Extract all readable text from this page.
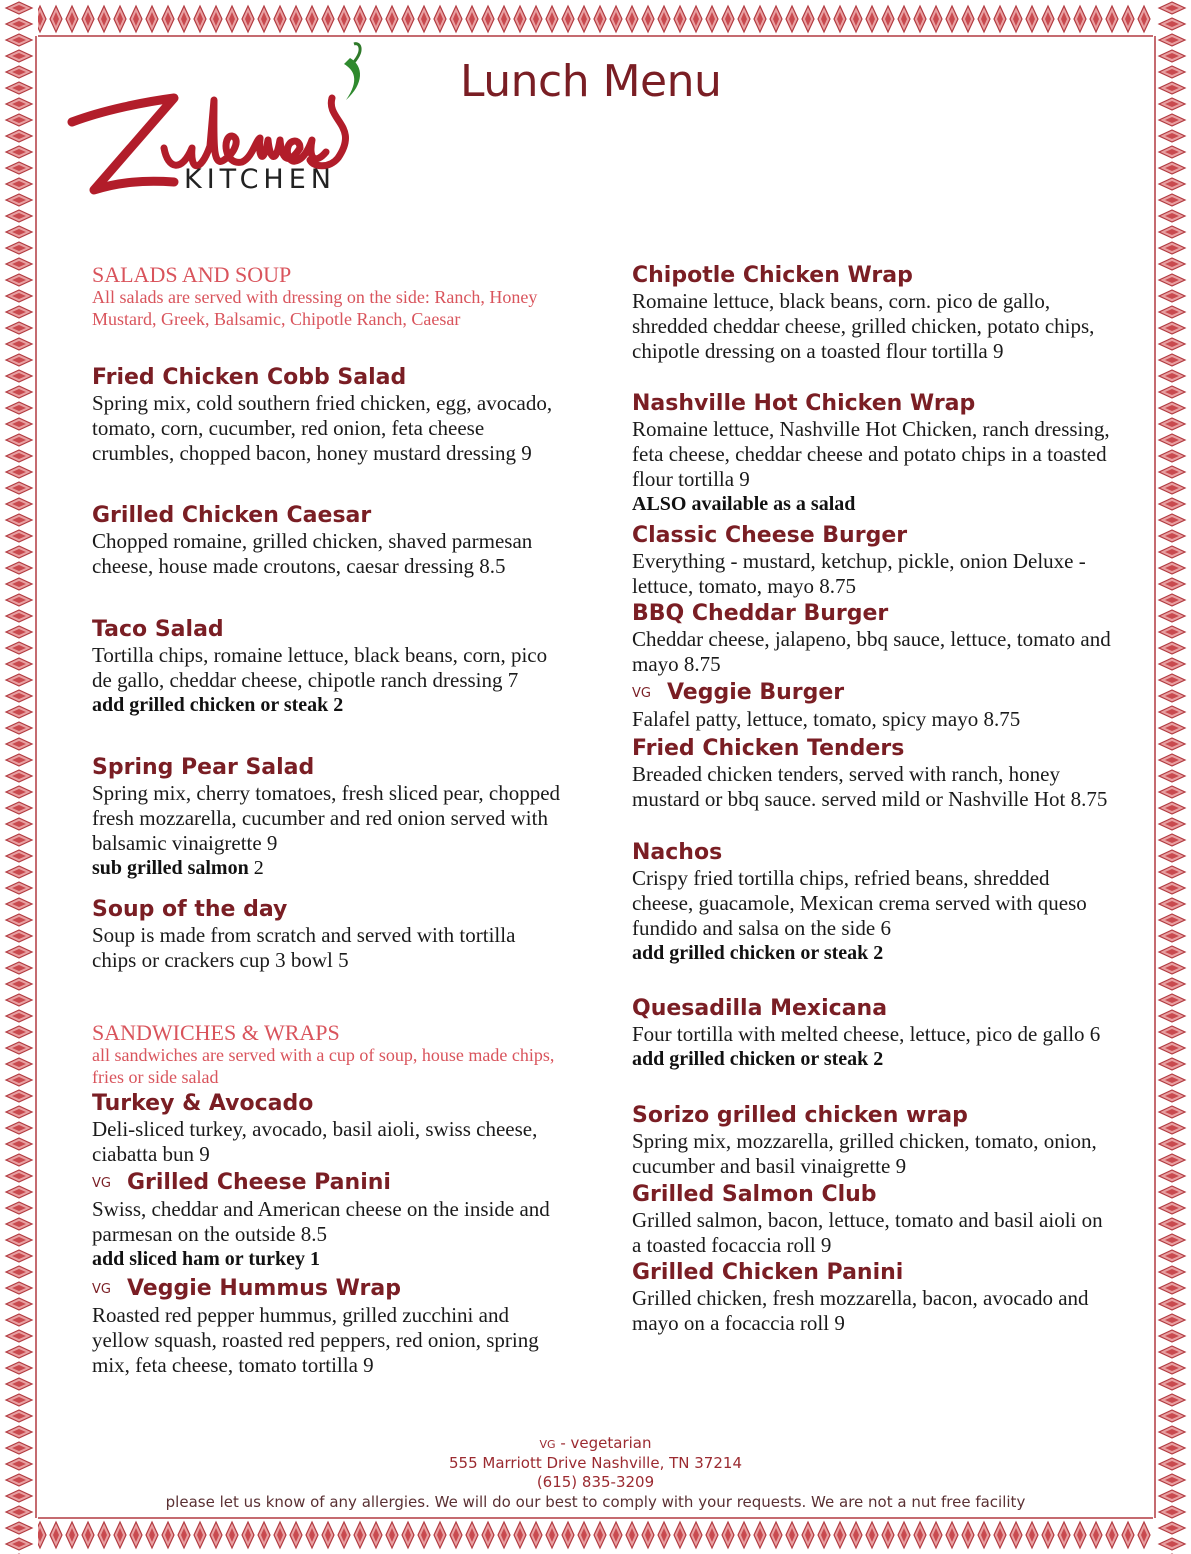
KITCHEN
Lunch Menu

SALADS AND SOUP

All salads are served with dressing on the side: Ranch, Honey Mustard, Greek, Balsamic, Chipotle Ranch, Caesar

Fried Chicken Cobb Salad

Spring mix, cold southern fried chicken, egg, avocado, tomato, corn, cucumber, red onion, feta cheese crumbles, chopped bacon, honey mustard dressing 9

Grilled Chicken Caesar

Chopped romaine, grilled chicken, shaved parmesan cheese, house made croutons, caesar dressing 8.5

Taco Salad

Tortilla chips, romaine lettuce, black beans, corn, pico de gallo, cheddar cheese, chipotle ranch dressing 7

add grilled chicken or steak 2

Spring Pear Salad

Spring mix, cherry tomatoes, fresh sliced pear, chopped fresh mozzarella, cucumber and red onion served with balsamic vinaigrette 9

sub grilled salmon 2

Soup of the day

Soup is made from scratch and served with tortilla chips or crackers cup 3 bowl 5

SANDWICHES & WRAPS

all sandwiches are served with a cup of soup, house made chips, fries or side salad

Turkey & Avocado

Deli-sliced turkey, avocado, basil aioli, swiss cheese, ciabatta bun 9

VG Grilled Cheese Panini

Swiss, cheddar and American cheese on the inside and parmesan on the outside 8.5

add sliced ham or turkey 1

VG Veggie Hummus Wrap

Roasted red pepper hummus, grilled zucchini and yellow squash, roasted red peppers, red onion, spring mix, feta cheese, tomato tortilla 9

Chipotle Chicken Wrap

Romaine lettuce, black beans, corn. pico de gallo, shredded cheddar cheese, grilled chicken, potato chips, chipotle dressing on a toasted flour tortilla 9

Nashville Hot Chicken Wrap

Romaine lettuce, Nashville Hot Chicken, ranch dressing, feta cheese, cheddar cheese and potato chips in a toasted flour tortilla 9

ALSO available as a salad

Classic Cheese Burger

Everything - mustard, ketchup, pickle, onion Deluxe - lettuce, tomato, mayo 8.75

BBQ Cheddar Burger

Cheddar cheese, jalapeno, bbq sauce, lettuce, tomato and mayo 8.75

VG Veggie Burger

Falafel patty, lettuce, tomato, spicy mayo 8.75

Fried Chicken Tenders

Breaded chicken tenders, served with ranch, honey mustard or bbq sauce. served mild or Nashville Hot 8.75

Nachos

Crispy fried tortilla chips, refried beans, shredded cheese, guacamole, Mexican crema served with queso fundido and salsa on the side 6

add grilled chicken or steak 2

Quesadilla Mexicana

Four tortilla with melted cheese, lettuce, pico de gallo 6

add grilled chicken or steak 2

Sorizo grilled chicken wrap

Spring mix, mozzarella, grilled chicken, tomato, onion, cucumber and basil vinaigrette 9

Grilled Salmon Club

Grilled salmon, bacon, lettuce, tomato and basil aioli on a toasted focaccia roll 9

Grilled Chicken Panini

Grilled chicken, fresh mozzarella, bacon, avocado and mayo on a focaccia roll 9

VG - vegetarian
555 Marriott Drive Nashville, TN 37214
(615) 835-3209
please let us know of any allergies. We will do our best to comply with your requests. We are not a nut free facility
